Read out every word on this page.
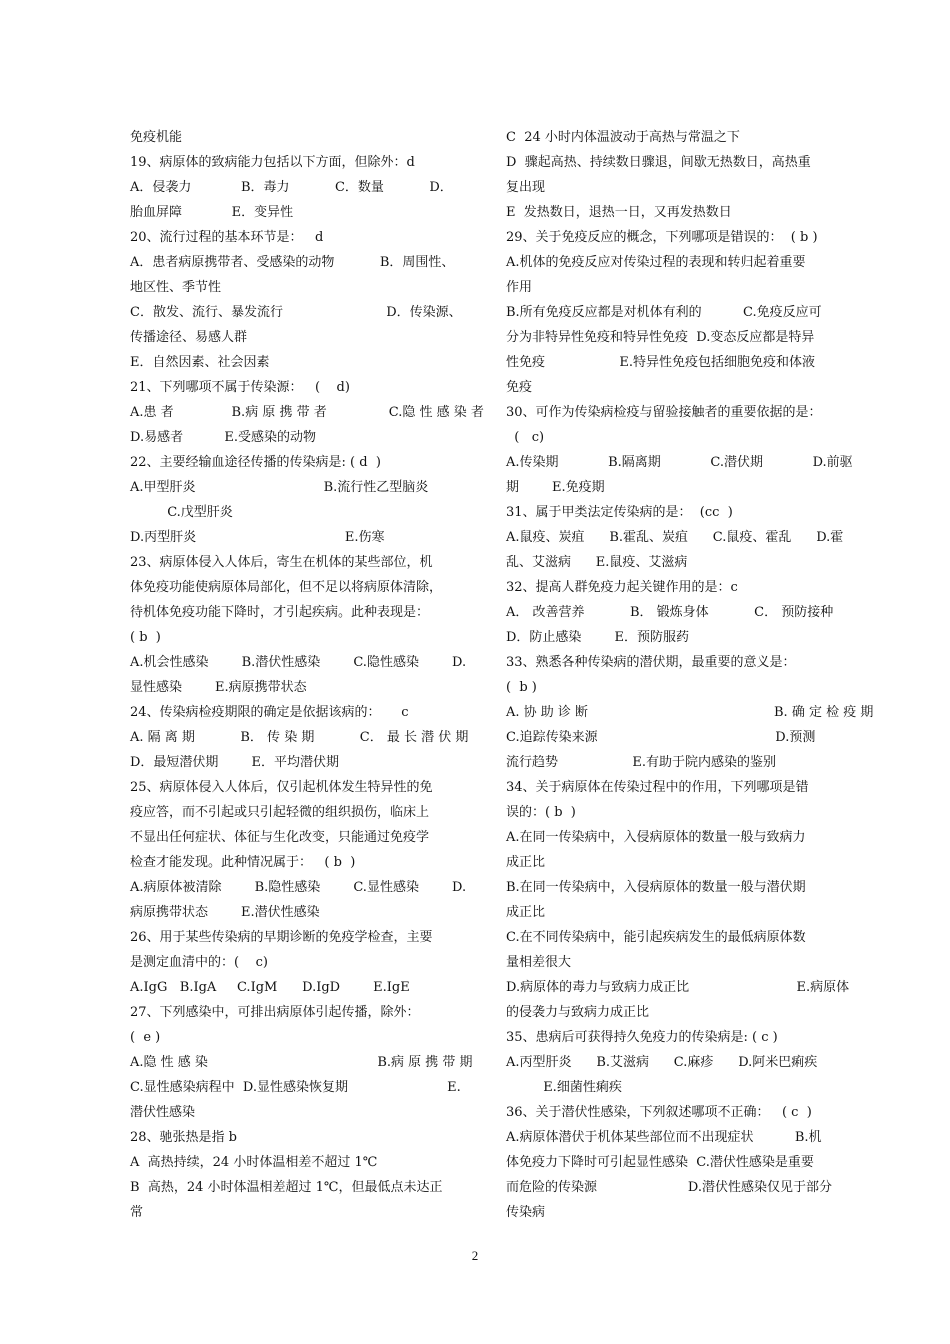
免疫机能
19、病原体的致病能力包括以下方面，但除外：d
A．侵袭力            B．毒力           C．数量           D．
胎血屏障            E．变异性
20、流行过程的基本环节是：   d
A．患者病原携带者、受感染的动物           B．周围性、
地区性、季节性
C．散发、流行、暴发流行                         D．传染源、
传播途径、易感人群
E．自然因素、社会因素
21、下列哪项不属于传染源：   (    d)
A.患 者              B.病 原 携 带 者               C.隐 性 感 染 者
D.易感者          E.受感染的动物
22、主要经输血途径传播的传染病是: ( d  )
A.甲型肝炎                               B.流行性乙型脑炎
C.戊型肝炎
D.丙型肝炎                                    E.伤寒
23、病原体侵入人体后，寄生在机体的某些部位，机
体免疫功能使病原体局部化，但不足以将病原体清除，
待机体免疫功能下降时，才引起疾病。此种表现是：
( b  )
A.机会性感染        B.潜伏性感染        C.隐性感染        D.
显性感染        E.病原携带状态
24、传染病检疫期限的确定是依据该病的：     c
A. 隔 离 期           B． 传 染 期           C． 最 长 潜 伏 期
D．最短潜伏期        E．平均潜伏期
25、病原体侵入人体后，仅引起机体发生特异性的免
疫应答，而不引起或只引起轻微的组织损伤，临床上
不显出任何症状、体征与生化改变，只能通过免疫学
检查才能发现。此种情况属于：   ( b  )
A.病原体被清除        B.隐性感染        C.显性感染        D.
病原携带状态        E.潜伏性感染
26、用于某些传染病的早期诊断的免疫学检查，主要
是测定血清中的：(    c)
A.IgG   B.IgA     C.IgM      D.IgD        E.IgE
27、下列感染中，可排出病原体引起传播，除外：
(  e )
A.隐 性 感 染                                         B.病 原 携 带 期
C.显性感染病程中  D.显性感染恢复期                        E.
潜伏性感染
28、驰张热是指 b
A  高热持续，24 小时体温相差不超过 1℃
B  高热，24 小时体温相差超过 1℃，但最低点未达正
常
C  24 小时内体温波动于高热与常温之下
D  骤起高热、持续数日骤退，间歇无热数日，高热重
复出现
E  发热数日，退热一日，又再发热数日
29、关于免疫反应的概念，下列哪项是错误的：  ( b )
A.机体的免疫反应对传染过程的表现和转归起着重要
作用
B.所有免疫反应都是对机体有利的          C.免疫反应可
分为非特异性免疫和特异性免疫  D.变态反应都是特异
性免疫                  E.特异性免疫包括细胞免疫和体液
免疫
30、可作为传染病检疫与留验接触者的重要依据的是：
(   c)
A.传染期            B.隔离期            C.潜伏期            D.前驱
期        E.免疫期
31、属于甲类法定传染病的是：  (cc  )
A.鼠疫、炭疽      B.霍乱、炭疽      C.鼠疫、霍乱      D.霍
乱、艾滋病      E.鼠疫、艾滋病
32、提高人群免疫力起关键作用的是：c
A． 改善营养           B． 锻炼身体           C． 预防接种
D．防止感染        E．预防服药
33、熟悉各种传染病的潜伏期，最重要的意义是：
(  b )
A. 协 助 诊 断                                             B. 确 定 检 疫 期
C.追踪传染来源                                           D.预测
流行趋势                  E.有助于院内感染的鉴别
34、关于病原体在传染过程中的作用，下列哪项是错
误的：( b  )
A.在同一传染病中，入侵病原体的数量一般与致病力
成正比
B.在同一传染病中，入侵病原体的数量一般与潜伏期
成正比
C.在不同传染病中，能引起疾病发生的最低病原体数
量相差很大
D.病原体的毒力与致病力成正比                          E.病原体
的侵袭力与致病力成正比
35、患病后可获得持久免疫力的传染病是: ( c )
A.丙型肝炎      B.艾滋病      C.麻疹      D.阿米巴痢疾
E.细菌性痢疾
36、关于潜伏性感染，下列叙述哪项不正确：   ( c  )
A.病原体潜伏于机体某些部位而不出现症状          B.机
体免疫力下降时可引起显性感染  C.潜伏性感染是重要
而危险的传染源                      D.潜伏性感染仅见于部分
传染病
2
